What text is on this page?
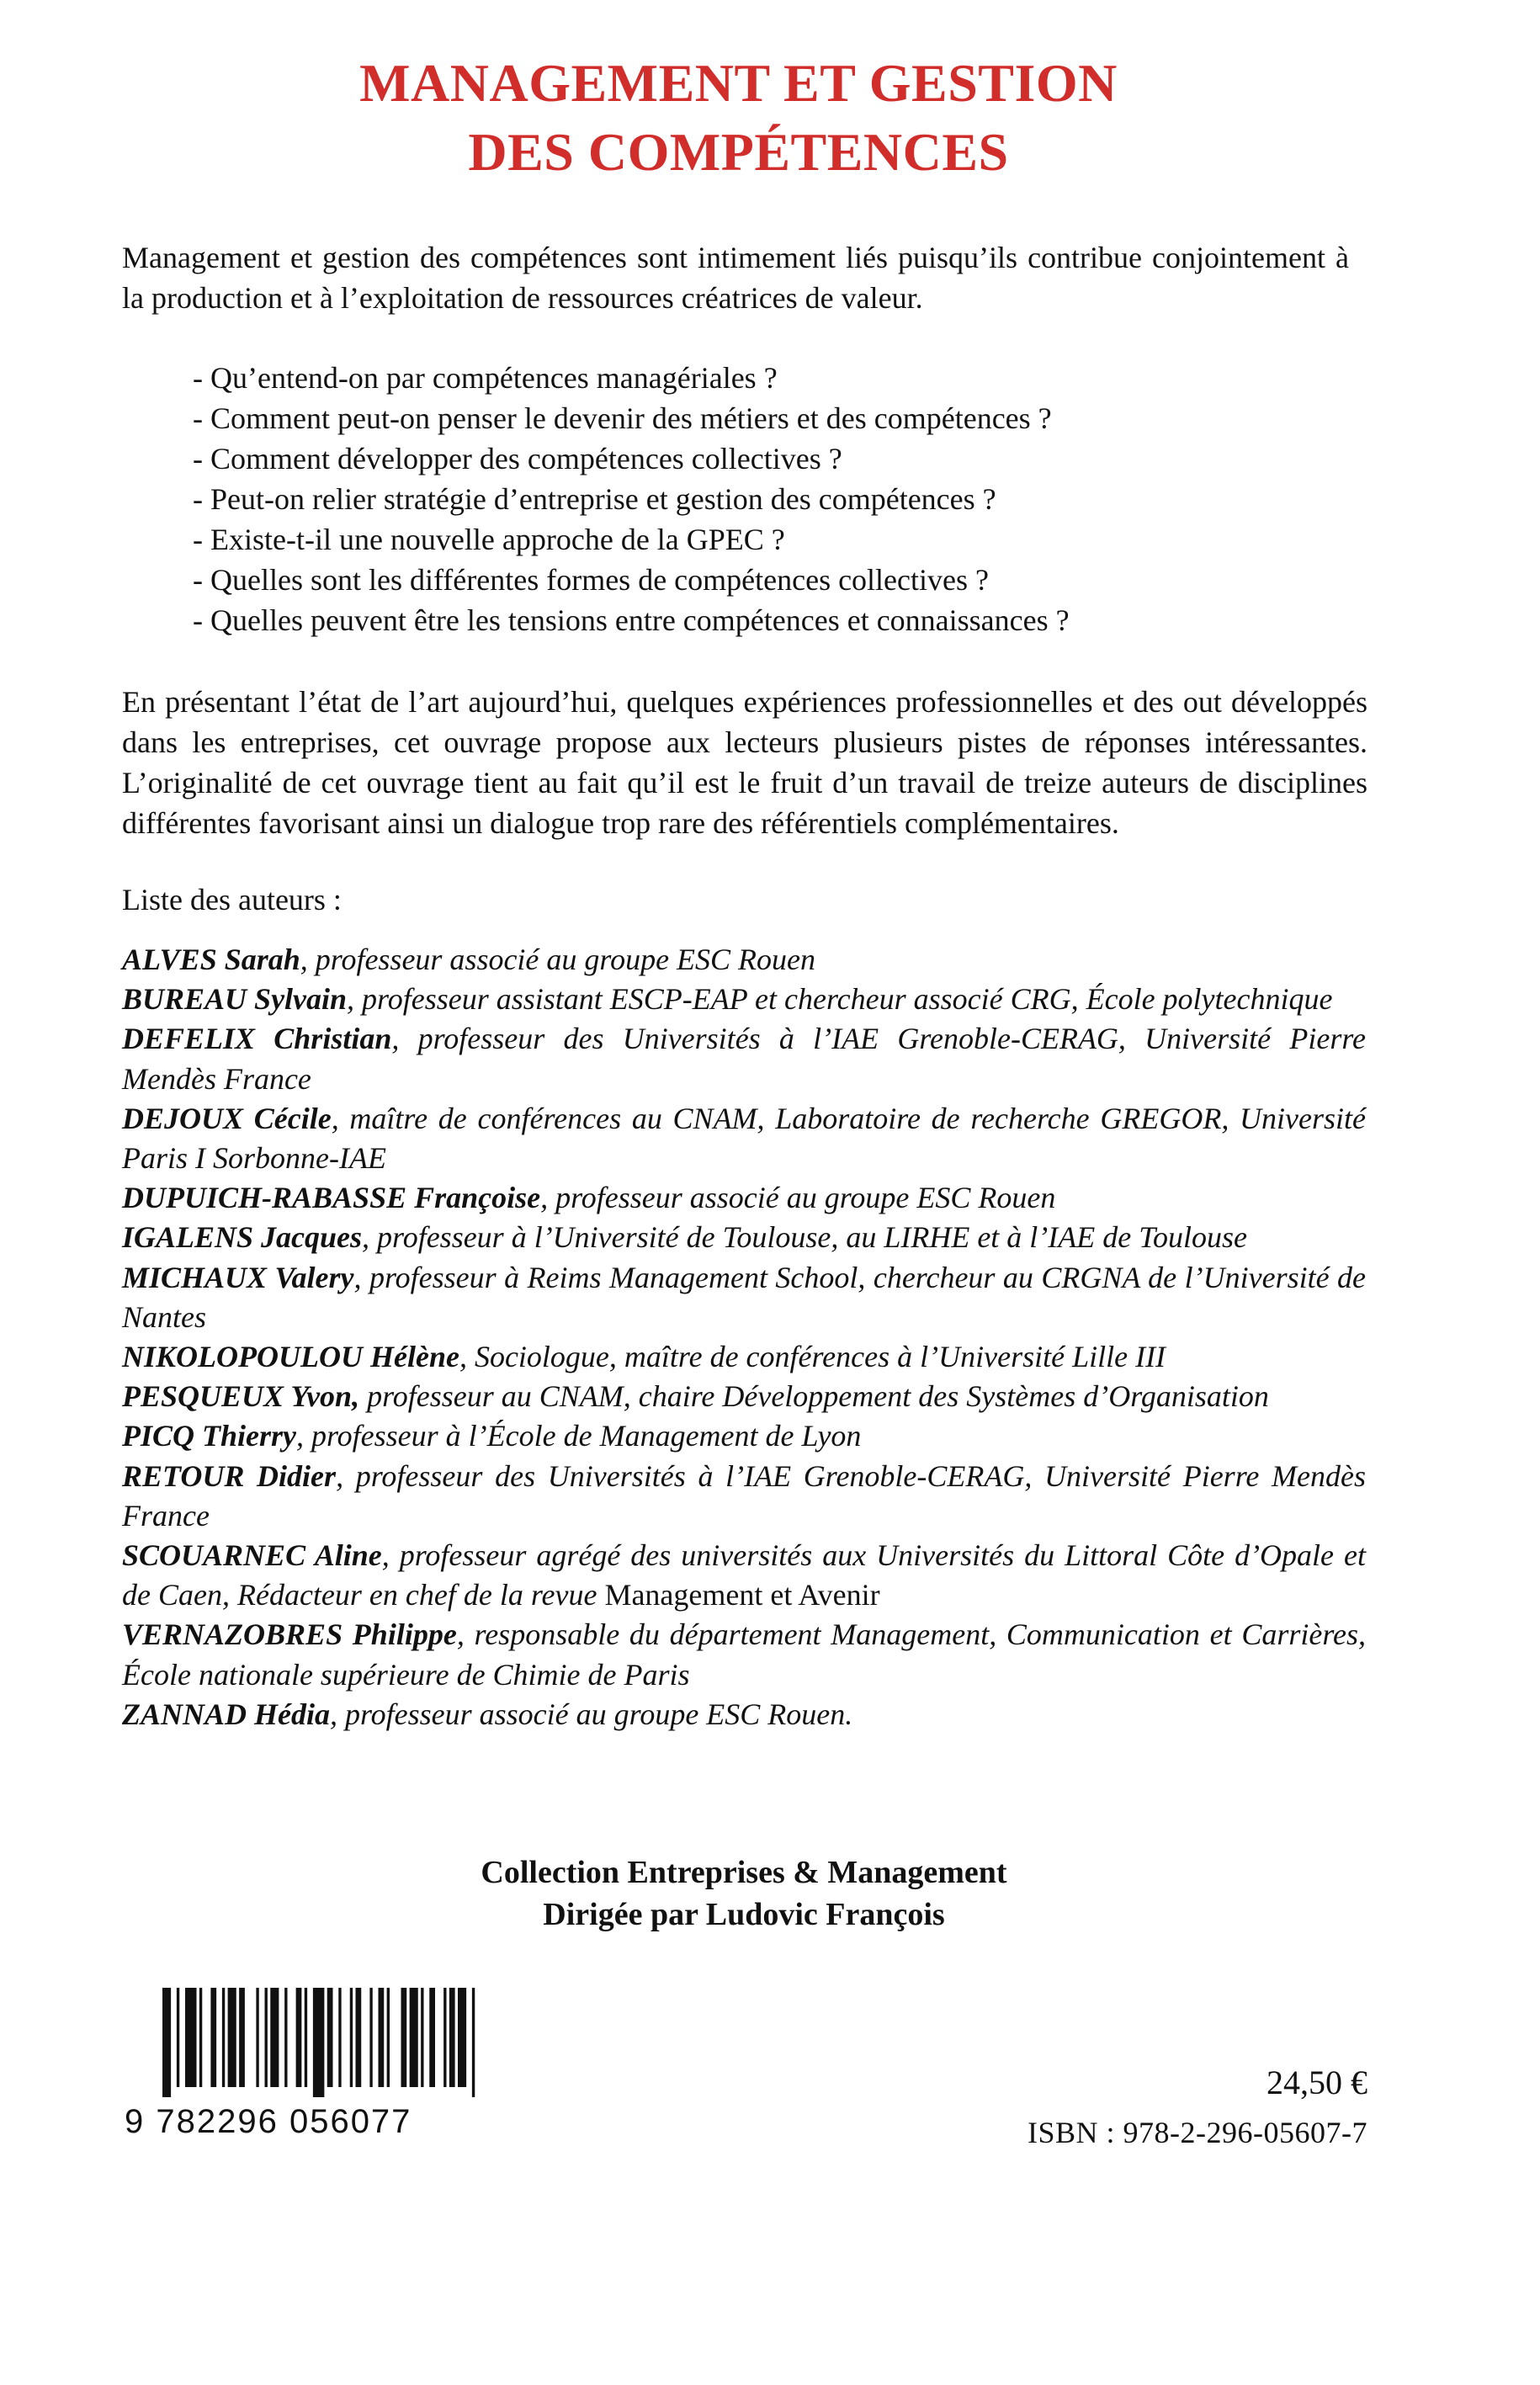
MANAGEMENT ET GESTION
DES COMPÉTENCES
Management et gestion des compétences sont intimement liés puisqu’ils contribue conjointement à la production et à l’exploitation de ressources créatrices de valeur.
- Qu’entend-on par compétences managériales ?
- Comment peut-on penser le devenir des métiers et des compétences ?
- Comment développer des compétences collectives ?
- Peut-on relier stratégie d’entreprise et gestion des compétences ?
- Existe-t-il une nouvelle approche de la GPEC ?
- Quelles sont les différentes formes de compétences collectives ?
- Quelles peuvent être les tensions entre compétences et connaissances ?
En présentant l’état de l’art aujourd’hui, quelques expériences professionnelles et des out développés dans les entreprises, cet ouvrage propose aux lecteurs plusieurs pistes de réponses intéressantes. L’originalité de cet ouvrage tient au fait qu’il est le fruit d’un travail de treize auteurs de disciplines différentes favorisant ainsi un dialogue trop rare des référentiels complémentaires.
Liste des auteurs :
ALVES Sarah, professeur associé au groupe ESC Rouen
BUREAU Sylvain, professeur assistant ESCP-EAP et chercheur associé CRG, École polytechnique
DEFELIX Christian, professeur des Universités à l’IAE Grenoble-CERAG, Université Pierre Mendès France
DEJOUX Cécile, maître de conférences au CNAM, Laboratoire de recherche GREGOR, Université Paris I Sorbonne-IAE
DUPUICH-RABASSE Françoise, professeur associé au groupe ESC Rouen
IGALENS Jacques, professeur à l’Université de Toulouse, au LIRHE et à l’IAE de Toulouse
MICHAUX Valery, professeur à Reims Management School, chercheur au CRGNA de l’Université de Nantes
NIKOLOPOULOU Hélène, Sociologue, maître de conférences à l’Université Lille III
PESQUEUX Yvon, professeur au CNAM, chaire Développement des Systèmes d’Organisation
PICQ Thierry, professeur à l’École de Management de Lyon
RETOUR Didier, professeur des Universités à l’IAE Grenoble-CERAG, Université Pierre Mendès France
SCOUARNEC Aline, professeur agrégé des universités aux Universités du Littoral Côte d’Opale et de Caen, Rédacteur en chef de la revue Management et Avenir
VERNAZOBRES Philippe, responsable du département Management, Communication et Carrières, École nationale supérieure de Chimie de Paris
ZANNAD Hédia, professeur associé au groupe ESC Rouen.
Collection Entreprises & Management
Dirigée par Ludovic François
9 782296 056077
24,50 €
ISBN : 978-2-296-05607-7
